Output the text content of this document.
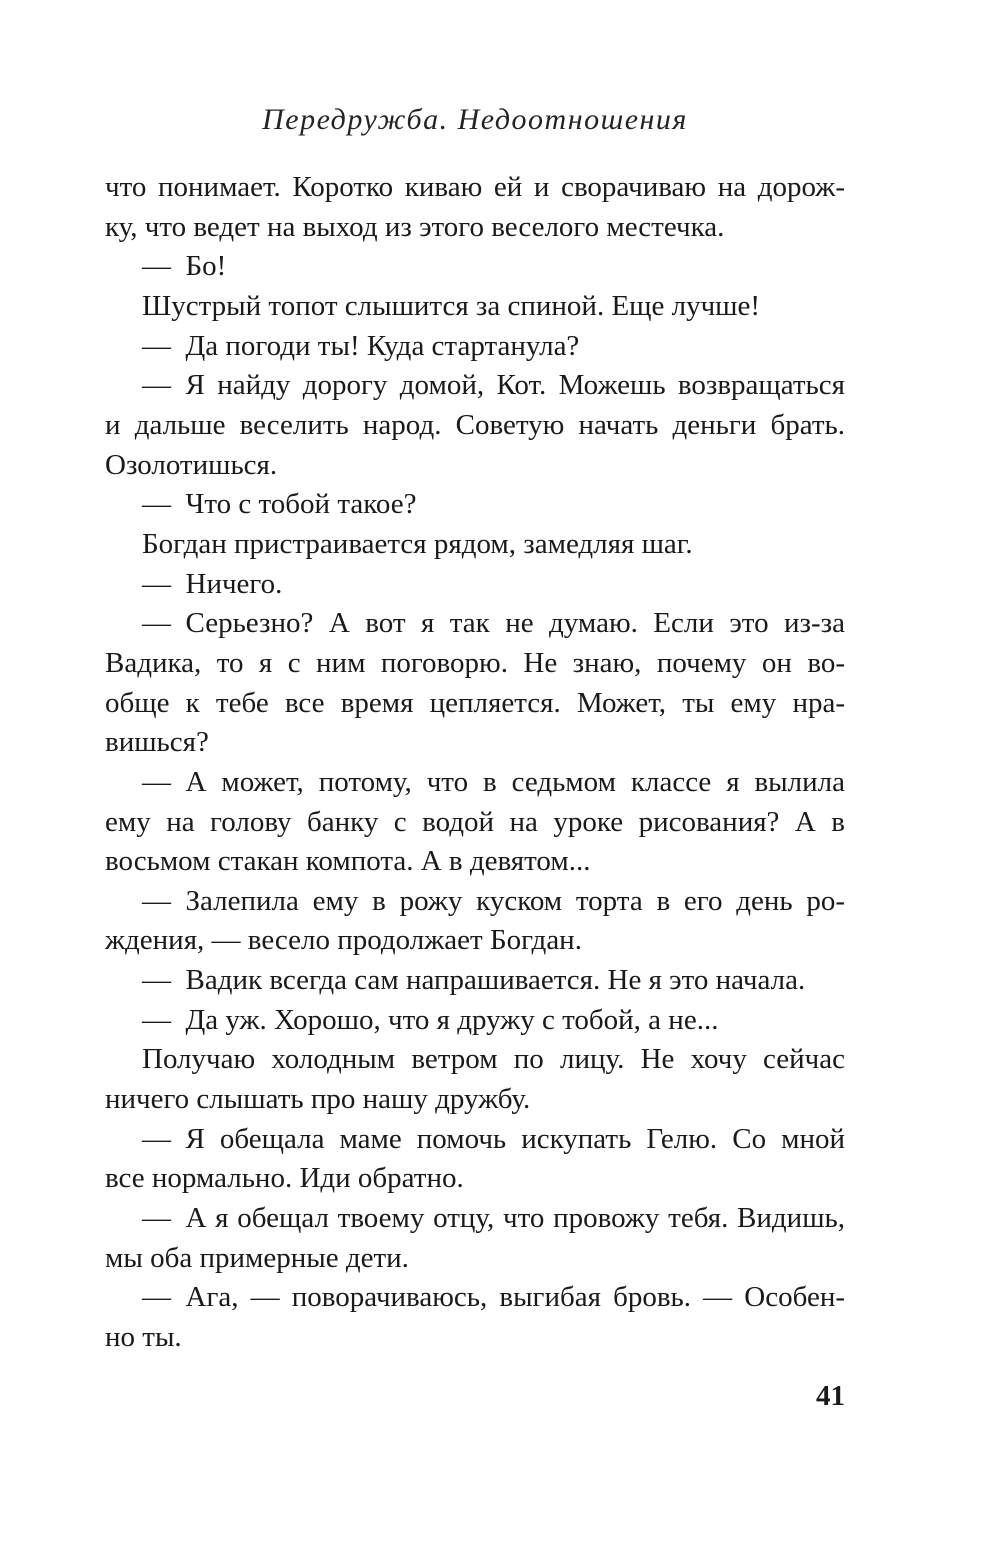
Передружба. Недоотношения
что понимает. Коротко киваю ей и сворачиваю на дорож-
ку, что ведет на выход из этого веселого местечка.
— Бо!
Шустрый топот слышится за спиной. Еще лучше!
— Да погоди ты! Куда стартанула?
— Я найду дорогу домой, Кот. Можешь возвращаться
и дальше веселить народ. Советую начать деньги брать.
Озолотишься.
— Что с тобой такое?
Богдан пристраивается рядом, замедляя шаг.
— Ничего.
— Серьезно? А вот я так не думаю. Если это из-за
Вадика, то я с ним поговорю. Не знаю, почему он во-
обще к тебе все время цепляется. Может, ты ему нра-
вишься?
— А может, потому, что в седьмом классе я вылила
ему на голову банку с водой на уроке рисования? А в
восьмом стакан компота. А в девятом...
— Залепила ему в рожу куском торта в его день ро-
ждения, — весело продолжает Богдан.
— Вадик всегда сам напрашивается. Не я это начала.
— Да уж. Хорошо, что я дружу с тобой, а не...
Получаю холодным ветром по лицу. Не хочу сейчас
ничего слышать про нашу дружбу.
— Я обещала маме помочь искупать Гелю. Со мной
все нормально. Иди обратно.
— А я обещал твоему отцу, что провожу тебя. Видишь,
мы оба примерные дети.
— Ага, — поворачиваюсь, выгибая бровь. — Особен-
но ты.
41
